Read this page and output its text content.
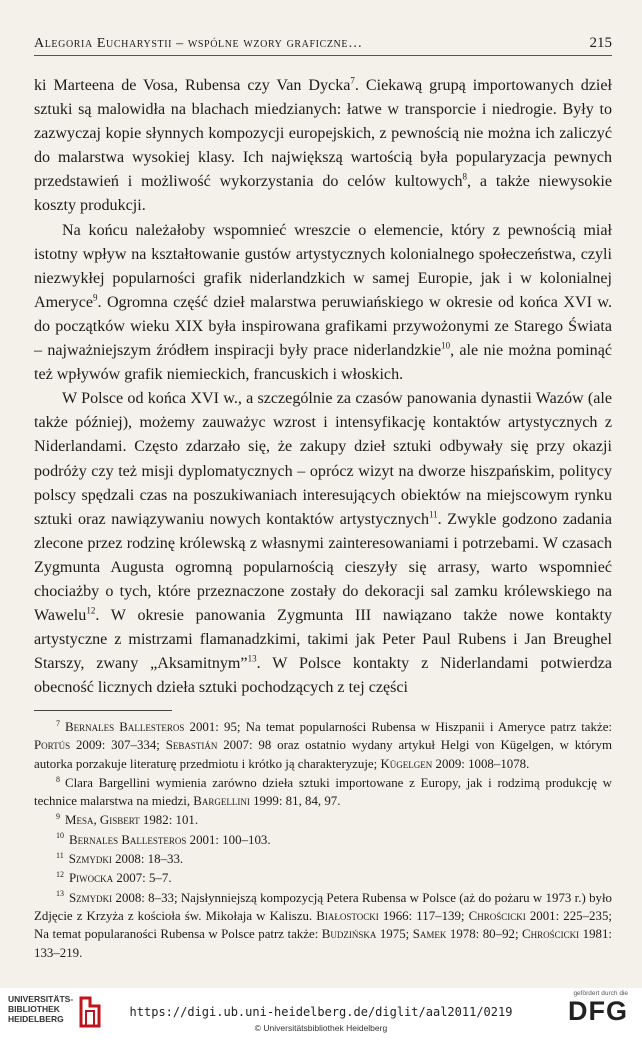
Alegoria Eucharystii – wspólne wzory graficzne…	215

ki Marteena de Vosa, Rubensa czy Van Dycka$^7$. Ciekawą grupą importowanych dzieł sztuki są malowidła na blachach miedzianych: łatwe w transporcie i niedrogie. Były to zazwyczaj kopie słynnych kompozycji europejskich, z pewnością nie można ich zaliczyć do malarstwa wysokiej klasy. Ich największą wartością była popularyzacja pewnych przedstawień i możliwość wykorzystania do celów kultowych$^8$, a także niewysokie koszty produkcji.

Na końcu należałoby wspomnieć wreszcie o elemencie, który z pewnością miał istotny wpływ na kształtowanie gustów artystycznych kolonialnego społeczeństwa, czyli niezwykłej popularności grafik niderlandzkich w samej Europie, jak i w kolonialnej Ameryce$^9$. Ogromna część dzieł malarstwa peruwiańskiego w okresie od końca XVI w. do początków wieku XIX była inspirowana grafikami przywożonymi ze Starego Świata – najważniejszym źródłem inspiracji były prace niderlandzkie$^{10}$, ale nie można pominąć też wpływów grafik niemieckich, francuskich i włoskich.

W Polsce od końca XVI w., a szczególnie za czasów panowania dynastii Wazów (ale także później), możemy zauważyc wzrost i intensyfikację kontaktów artystycznych z Niderlandami. Często zdarzało się, że zakupy dzieł sztuki odbywały się przy okazji podróży czy też misji dyplomatycznych – oprócz wizyt na dworze hiszpańskim, politycy polscy spędzali czas na poszukiwaniach interesujących obiektów na miejscowym rynku sztuki oraz nawiązywaniu nowych kontaktów artystycznych$^{11}$. Zwykle godzono zadania zlecone przez rodzinę królewską z własnymi zainteresowaniami i potrzebami. W czasach Zygmunta Augusta ogromną popularnością cieszyły się arrasy, warto wspomnieć chociażby o tych, które przeznaczone zostały do dekoracji sal zamku królewskiego na Wawelu$^{12}$. W okresie panowania Zygmunta III nawiązano także nowe kontakty artystyczne z mistrzami flamanadzkimi, takimi jak Peter Paul Rubens i Jan Breughel Starszy, zwany „Aksamitnym”$^{13}$. W Polsce kontakty z Niderlandami potwierdza obecność licznych dzieła sztuki pochodzących z tej części

$^7$ Bernales Ballesteros 2001: 95; Na temat popularności Rubensa w Hiszpanii i Ameryce patrz także: Portús 2009: 307–334; Sebastián 2007: 98 oraz ostatnio wydany artykuł Helgi von Kügelgen, w którym autorka porzakuje literaturę przedmiotu i krótko ją charakteryzuje; Kügelgen 2009: 1008–1078.
$^8$ Clara Bargellini wymienia zarówno dzieła sztuki importowane z Europy, jak i rodzimą produkcję w technice malarstwa na miedzi, Bargellini 1999: 81, 84, 97.
$^9$ Mesa, Gisbert 1982: 101.
$^{10}$ Bernales Ballesteros 2001: 100–103.
$^{11}$ Szmydki 2008: 18–33.
$^{12}$ Piwocka 2007: 5–7.
$^{13}$ Szmydki 2008: 8–33; Najsłynniejszą kompozycją Petera Rubensa w Polsce (aż do pożaru w 1973 r.) było Zdjęcie z Krzyża z kościoła św. Mikołaja w Kaliszu. Białostocki 1966: 117–139; Chrościcki 2001: 225–235; Na temat popularaności Rubensa w Polsce patrz także: Budzińska 1975; Samek 1978: 80–92; Chrościcki 1981: 133–219.
UNIVERSITÄTS-
BIBLIOTHEK
HEIDELBERG	https://digi.ub.uni-heidelberg.de/diglit/aal2011/0219
© Universitätsbibliothek Heidelberg
gefördert durch die
DFG
